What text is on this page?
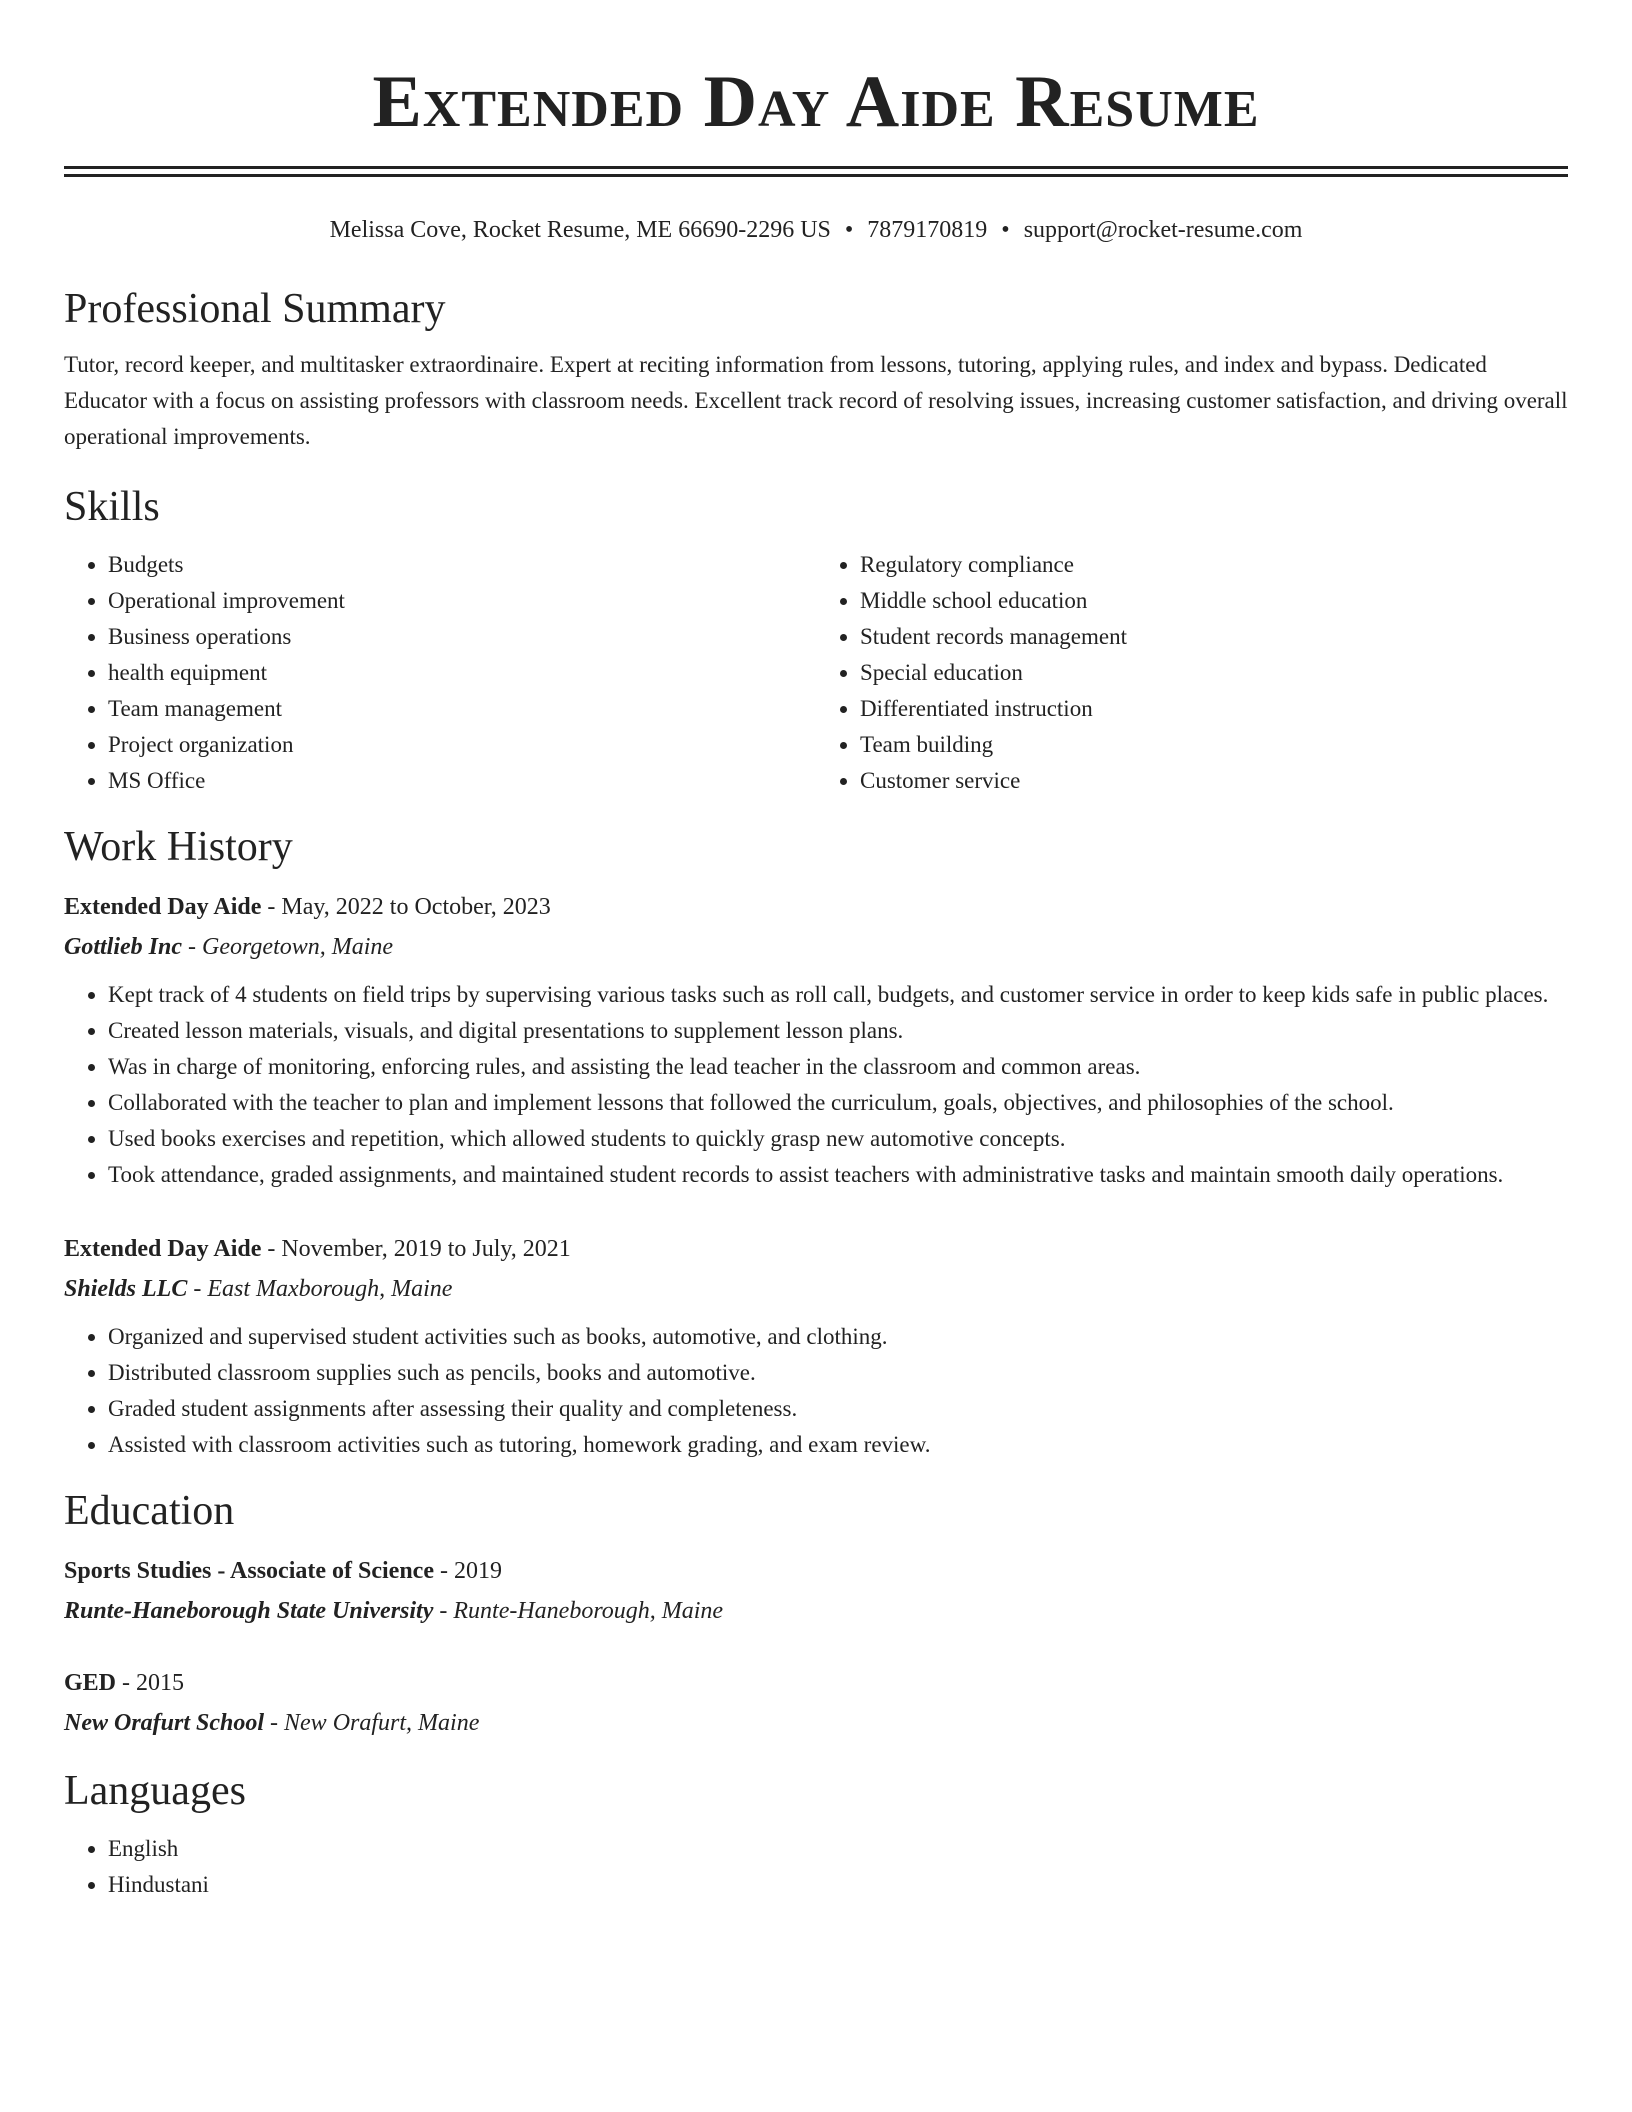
Extended Day Aide Resume
Melissa Cove, Rocket Resume, ME 66690-2296 US • 7879170819 • support@rocket-resume.com
Professional Summary

Tutor, record keeper, and multitasker extraordinaire. Expert at reciting information from lessons, tutoring, applying rules, and index and bypass. Dedicated Educator with a focus on assisting professors with classroom needs. Excellent track record of resolving issues, increasing customer satisfaction, and driving overall operational improvements.

Skills
• Budgets
• Operational improvement
• Business operations
• health equipment
• Team management
• Project organization
• MS Office
• Regulatory compliance
• Middle school education
• Student records management
• Special education
• Differentiated instruction
• Team building
• Customer service
Work History
Extended Day Aide - May, 2022 to October, 2023
Gottlieb Inc - Georgetown, Maine
• Kept track of 4 students on field trips by supervising various tasks such as roll call, budgets, and customer service in order to keep kids safe in public places.
• Created lesson materials, visuals, and digital presentations to supplement lesson plans.
• Was in charge of monitoring, enforcing rules, and assisting the lead teacher in the classroom and common areas.
• Collaborated with the teacher to plan and implement lessons that followed the curriculum, goals, objectives, and philosophies of the school.
• Used books exercises and repetition, which allowed students to quickly grasp new automotive concepts.
• Took attendance, graded assignments, and maintained student records to assist teachers with administrative tasks and maintain smooth daily operations.
Extended Day Aide - November, 2019 to July, 2021
Shields LLC - East Maxborough, Maine
• Organized and supervised student activities such as books, automotive, and clothing.
• Distributed classroom supplies such as pencils, books and automotive.
• Graded student assignments after assessing their quality and completeness.
• Assisted with classroom activities such as tutoring, homework grading, and exam review.
Education
Sports Studies - Associate of Science - 2019
Runte-Haneborough State University - Runte-Haneborough, Maine
GED - 2015
New Orafurt School - New Orafurt, Maine
Languages
• English
• Hindustani
